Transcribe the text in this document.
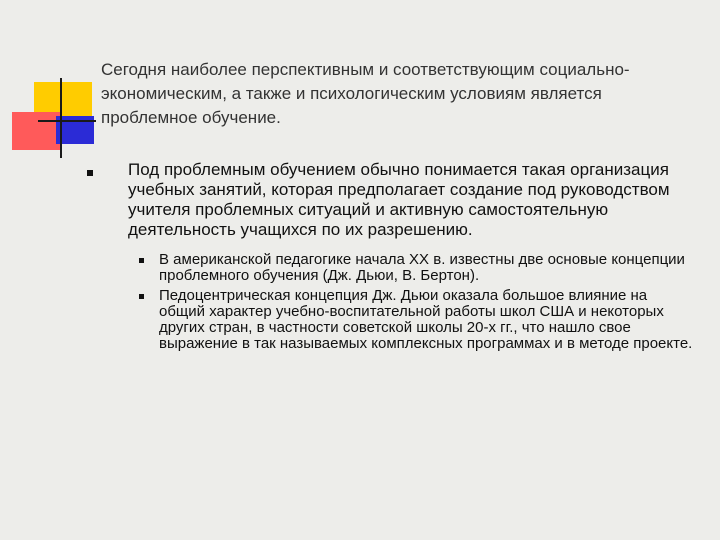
Сегодня наиболее перспективным и соответствующим социально-экономическим, а также и психологическим условиям является проблемное обучение.
Под проблемным обучением обычно понимается такая организация учебных занятий, которая предполагает создание под руководством учителя проблемных ситуаций и активную самостоятельную деятельность учащихся по их разрешению.
В американской педагогике начала XX в. известны две основые концепции проблемного обучения (Дж. Дьюи, В. Бертон).
Педоцентрическая концепция Дж. Дьюи оказала большое влияние на общий характер учебно-воспитательной работы школ США и некоторых других стран, в частности советской школы 20-х гг., что нашло свое выражение в так называемых комплексных программах и в методе проекте.
